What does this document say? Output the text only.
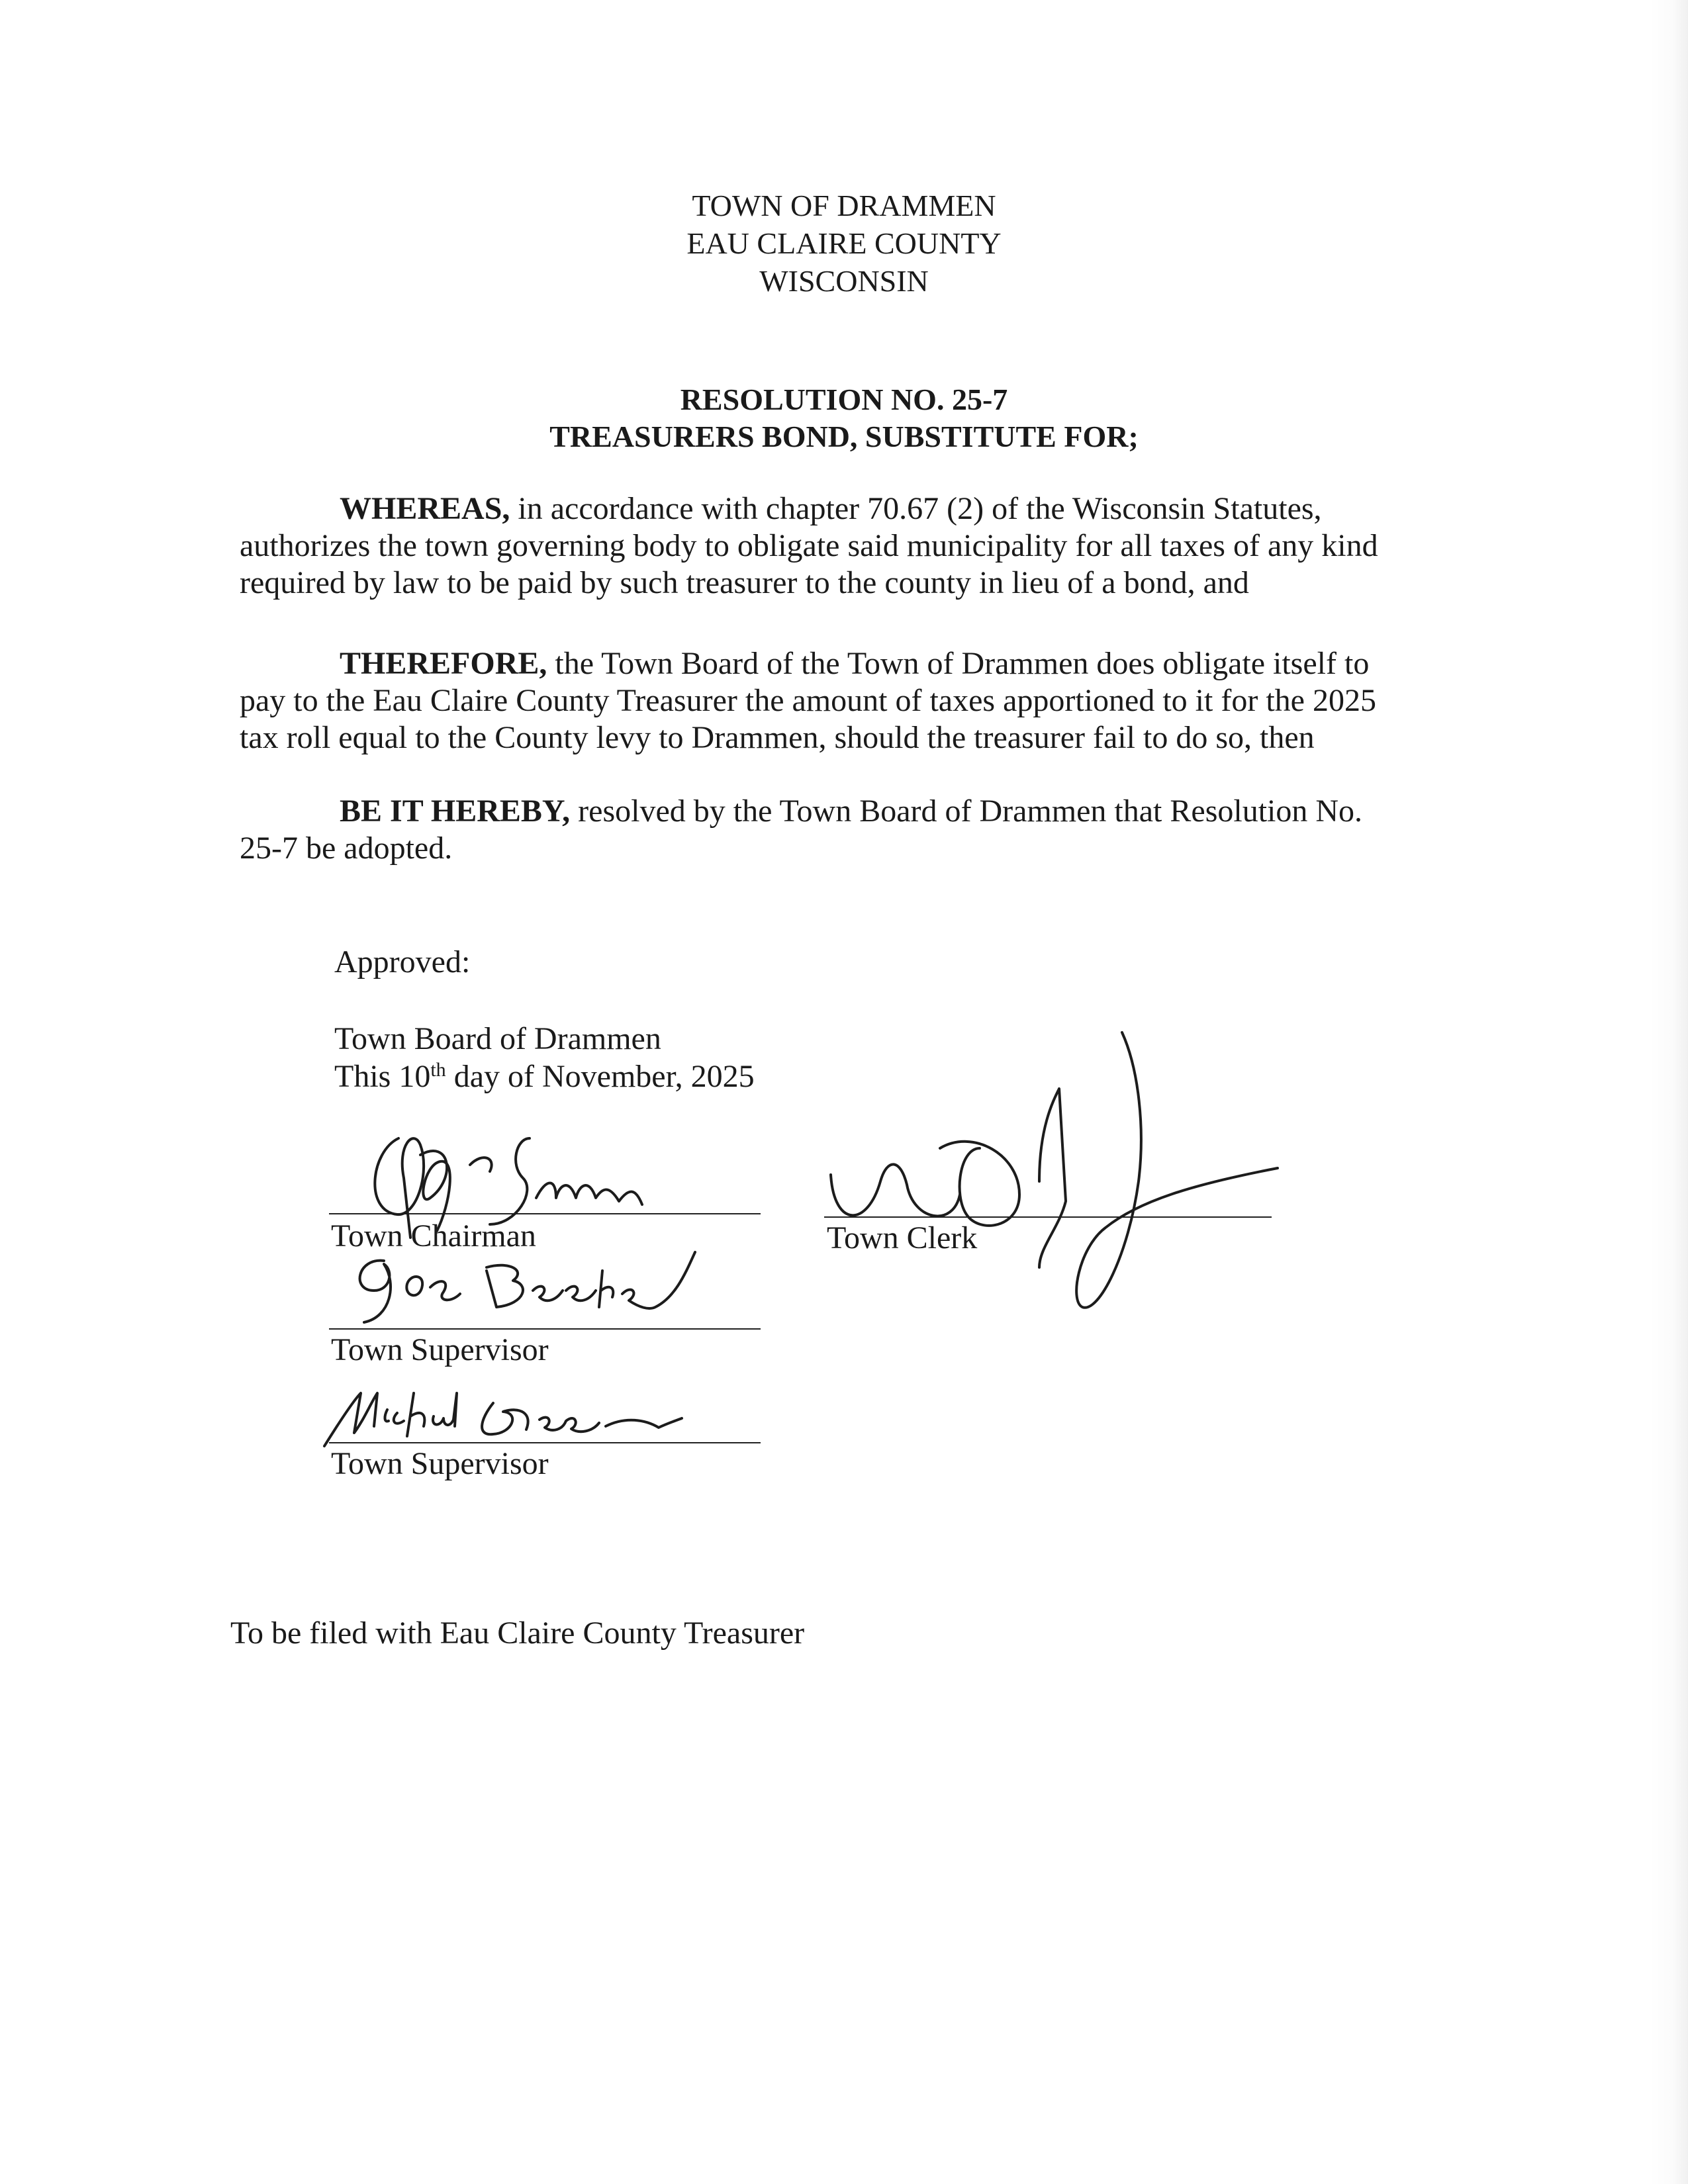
TOWN OF DRAMMEN
EAU CLAIRE COUNTY
WISCONSIN
RESOLUTION NO. 25-7
TREASURERS BOND, SUBSTITUTE FOR;
WHEREAS, in accordance with chapter 70.67 (2) of the Wisconsin Statutes,
authorizes the town governing body to obligate said municipality for all taxes of any kind
required by law to be paid by such treasurer to the county in lieu of a bond, and
THEREFORE, the Town Board of the Town of Drammen does obligate itself to
pay to the Eau Claire County Treasurer the amount of taxes apportioned to it for the 2025
tax roll equal to the County levy to Drammen, should the treasurer fail to do so, then
BE IT HEREBY, resolved by the Town Board of Drammen that Resolution No.
25-7 be adopted.
Approved:
Town Board of Drammen
This 10th day of November, 2025
Town Chairman	Town Clerk
Town Supervisor
Town Supervisor
To be filed with Eau Claire County Treasurer
